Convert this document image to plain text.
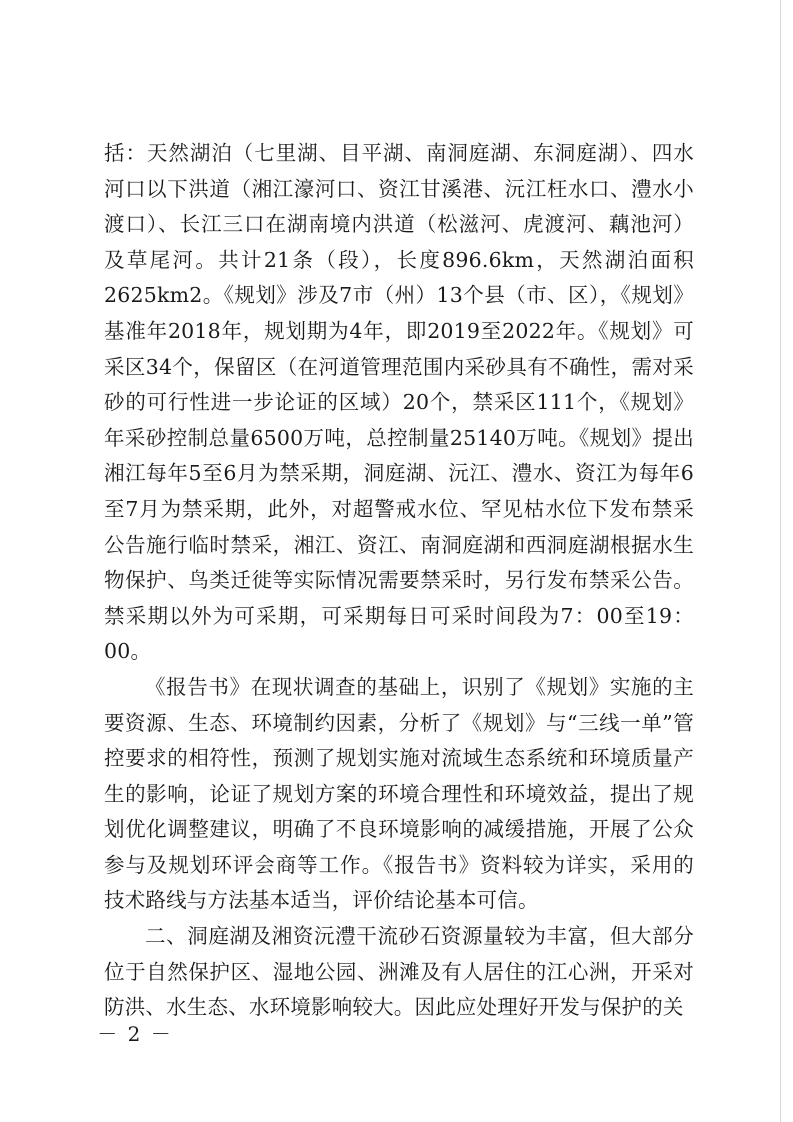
括：天然湖泊（七里湖、目平湖、南洞庭湖、东洞庭湖）、四水河口以下洪道（湘江濠河口、资江甘溪港、沅江枉水口、澧水小渡口）、长江三口在湖南境内洪道（松滋河、虎渡河、藕池河）及草尾河。共计21条（段），长度896.6km，天然湖泊面积2625km2。《规划》涉及7市（州）13个县（市、区），《规划》基准年2018年，规划期为4年，即2019至2022年。《规划》可采区34个，保留区（在河道管理范围内采砂具有不确性，需对采砂的可行性进一步论证的区域）20个，禁采区111个，《规划》年采砂控制总量6500万吨，总控制量25140万吨。《规划》提出湘江每年5至6月为禁采期，洞庭湖、沅江、澧水、资江为每年6至7月为禁采期，此外，对超警戒水位、罕见枯水位下发布禁采公告施行临时禁采，湘江、资江、南洞庭湖和西洞庭湖根据水生物保护、鸟类迁徙等实际情况需要禁采时，另行发布禁采公告。禁采期以外为可采期，可采期每日可采时间段为7：00至19：00。

《报告书》在现状调查的基础上，识别了《规划》实施的主要资源、生态、环境制约因素，分析了《规划》与“三线一单”管控要求的相符性，预测了规划实施对流域生态系统和环境质量产生的影响，论证了规划方案的环境合理性和环境效益，提出了规划优化调整建议，明确了不良环境影响的减缓措施，开展了公众参与及规划环评会商等工作。《报告书》资料较为详实，采用的技术路线与方法基本适当，评价结论基本可信。

二、洞庭湖及湘资沅澧干流砂石资源量较为丰富，但大部分位于自然保护区、湿地公园、洲滩及有人居住的江心洲，开采对防洪、水生态、水环境影响较大。因此应处理好开发与保护的关

－ 2 －
